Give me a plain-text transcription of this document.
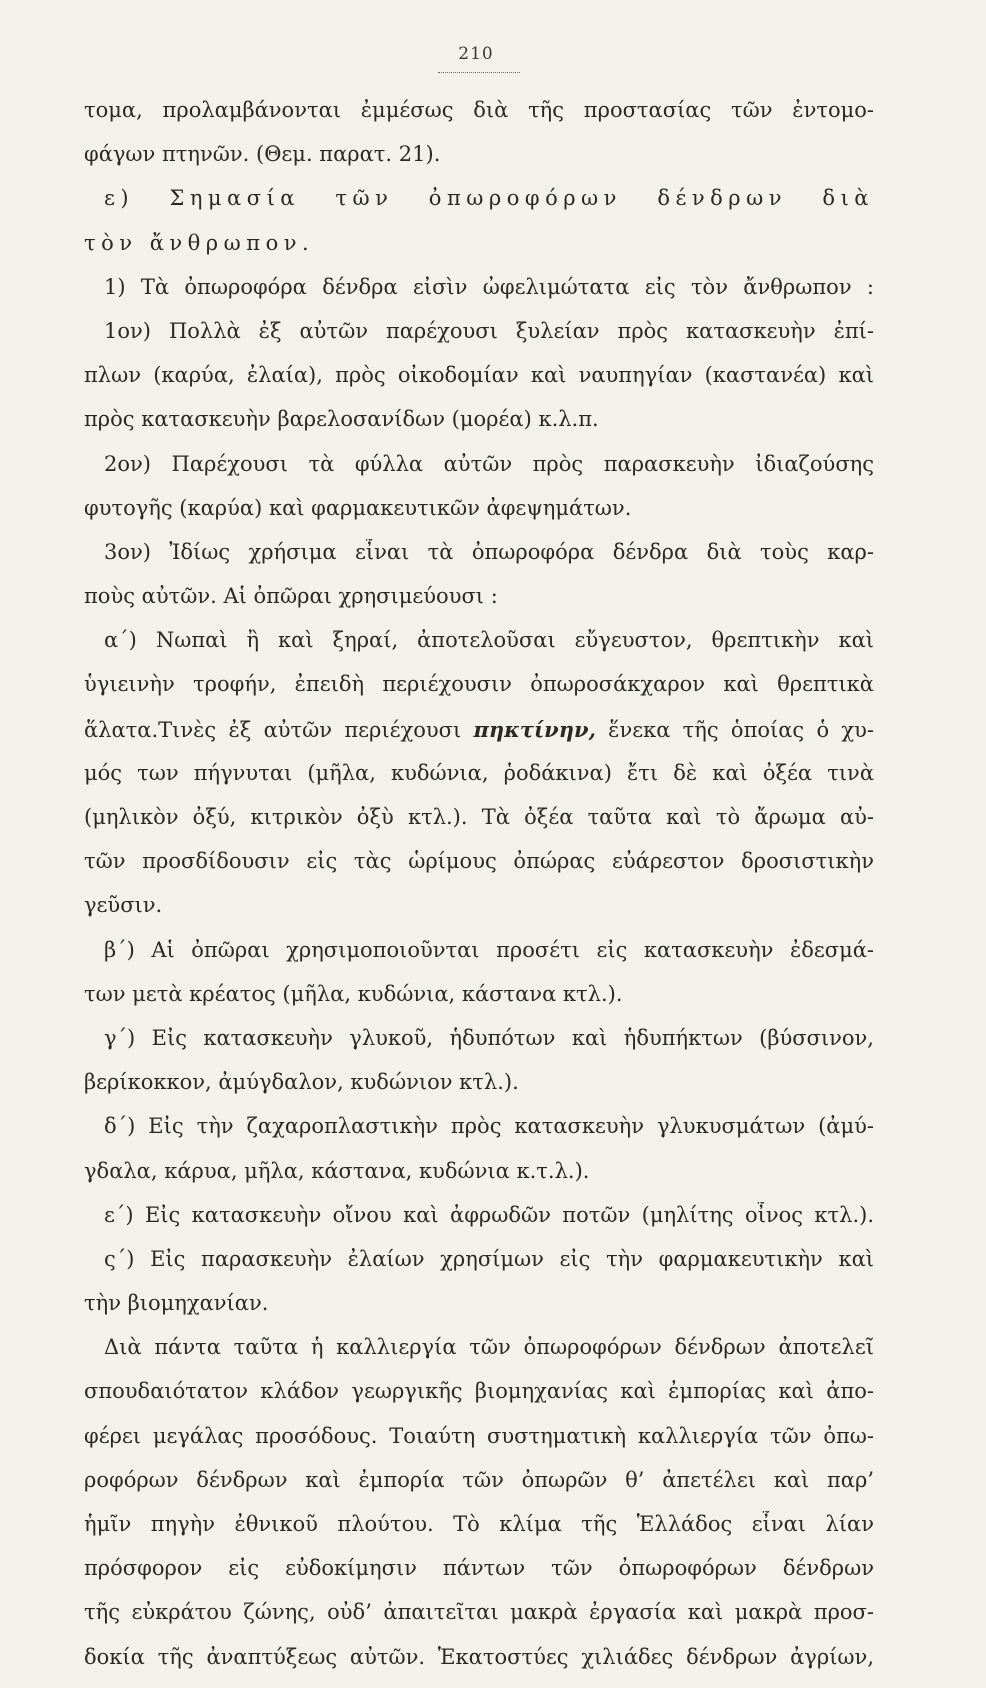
210
τομα, προλαμβάνονται ἐμμέσως διὰ τῆς προστασίας τῶν ἐντομο-
φάγων πτηνῶν. (Θεμ. παρατ. 21).
ε) Σημασία τῶν ὀπωροφόρων δένδρων διὰ
τὸν ἄνθρωπον.
1) Τὰ ὀπωροφόρα δένδρα εἰσὶν ὠφελιμώτατα εἰς τὸν ἄνθρωπον :
1ον) Πολλὰ ἐξ αὐτῶν παρέχουσι ξυλείαν πρὸς κατασκευὴν ἐπί-
πλων (καρύα, ἐλαία), πρὸς οἰκοδομίαν καὶ ναυπηγίαν (καστανέα) καὶ
πρὸς κατασκευὴν βαρελοσανίδων (μορέα) κ.λ.π.
2ον) Παρέχουσι τὰ φύλλα αὐτῶν πρὸς παρασκευὴν ἰδιαζούσης
φυτογῆς (καρύα) καὶ φαρμακευτικῶν ἀφεψημάτων.
3ον) Ἰδίως χρήσιμα εἶναι τὰ ὀπωροφόρα δένδρα διὰ τοὺς καρ-
ποὺς αὐτῶν. Αἱ ὀπῶραι χρησιμεύουσι :
α΄) Νωπαὶ ἢ καὶ ξηραί, ἀποτελοῦσαι εὔγευστον, θρεπτικὴν καὶ
ὑγιεινὴν τροφήν, ἐπειδὴ περιέχουσιν ὀπωροσάκχαρον καὶ θρεπτικὰ
ἅλατα.Τινὲς ἐξ αὐτῶν περιέχουσι πηκτίνην, ἕνεκα τῆς ὁποίας ὁ χυ-
μός των πήγνυται (μῆλα, κυδώνια, ῥοδάκινα) ἔτι δὲ καὶ ὀξέα τινὰ
(μηλικὸν ὀξύ, κιτρικὸν ὀξὺ κτλ.). Τὰ ὀξέα ταῦτα καὶ τὸ ἄρωμα αὐ-
τῶν προσδίδουσιν εἰς τὰς ὡρίμους ὀπώρας εὐάρεστον δροσιστικὴν
γεῦσιν.
β΄) Αἱ ὀπῶραι χρησιμοποιοῦνται προσέτι εἰς κατασκευὴν ἐδεσμά-
των μετὰ κρέατος (μῆλα, κυδώνια, κάστανα κτλ.).
γ΄) Εἰς κατασκευὴν γλυκοῦ, ἡδυπότων καὶ ἡδυπήκτων (βύσσινον,
βερίκοκκον, ἀμύγδαλον, κυδώνιον κτλ.).
δ΄) Εἰς τὴν ζαχαροπλαστικὴν πρὸς κατασκευὴν γλυκυσμάτων (ἀμύ-
γδαλα, κάρυα, μῆλα, κάστανα, κυδώνια κ.τ.λ.).
ε΄) Εἰς κατασκευὴν οἴνου καὶ ἀφρωδῶν ποτῶν (μηλίτης οἶνος κτλ.).
ς΄) Εἰς παρασκευὴν ἐλαίων χρησίμων εἰς τὴν φαρμακευτικὴν καὶ
τὴν βιομηχανίαν.
Διὰ πάντα ταῦτα ἡ καλλιεργία τῶν ὀπωροφόρων δένδρων ἀποτελεῖ
σπουδαιότατον κλάδον γεωργικῆς βιομηχανίας καὶ ἐμπορίας καὶ ἀπο-
φέρει μεγάλας προσόδους. Τοιαύτη συστηματικὴ καλλιεργία τῶν ὀπω-
ροφόρων δένδρων καὶ ἐμπορία τῶν ὀπωρῶν θ’ ἀπετέλει καὶ παρ’
ἡμῖν πηγὴν ἐθνικοῦ πλούτου. Τὸ κλίμα τῆς Ἑλλάδος εἶναι λίαν
πρόσφορον εἰς εὐδοκίμησιν πάντων τῶν ὀπωροφόρων δένδρων
τῆς εὐκράτου ζώνης, οὐδ’ ἀπαιτεῖται μακρὰ ἐργασία καὶ μακρὰ προσ-
δοκία τῆς ἀναπτύξεως αὐτῶν. Ἑκατοστύες χιλιάδες δένδρων ἀγρίων,
